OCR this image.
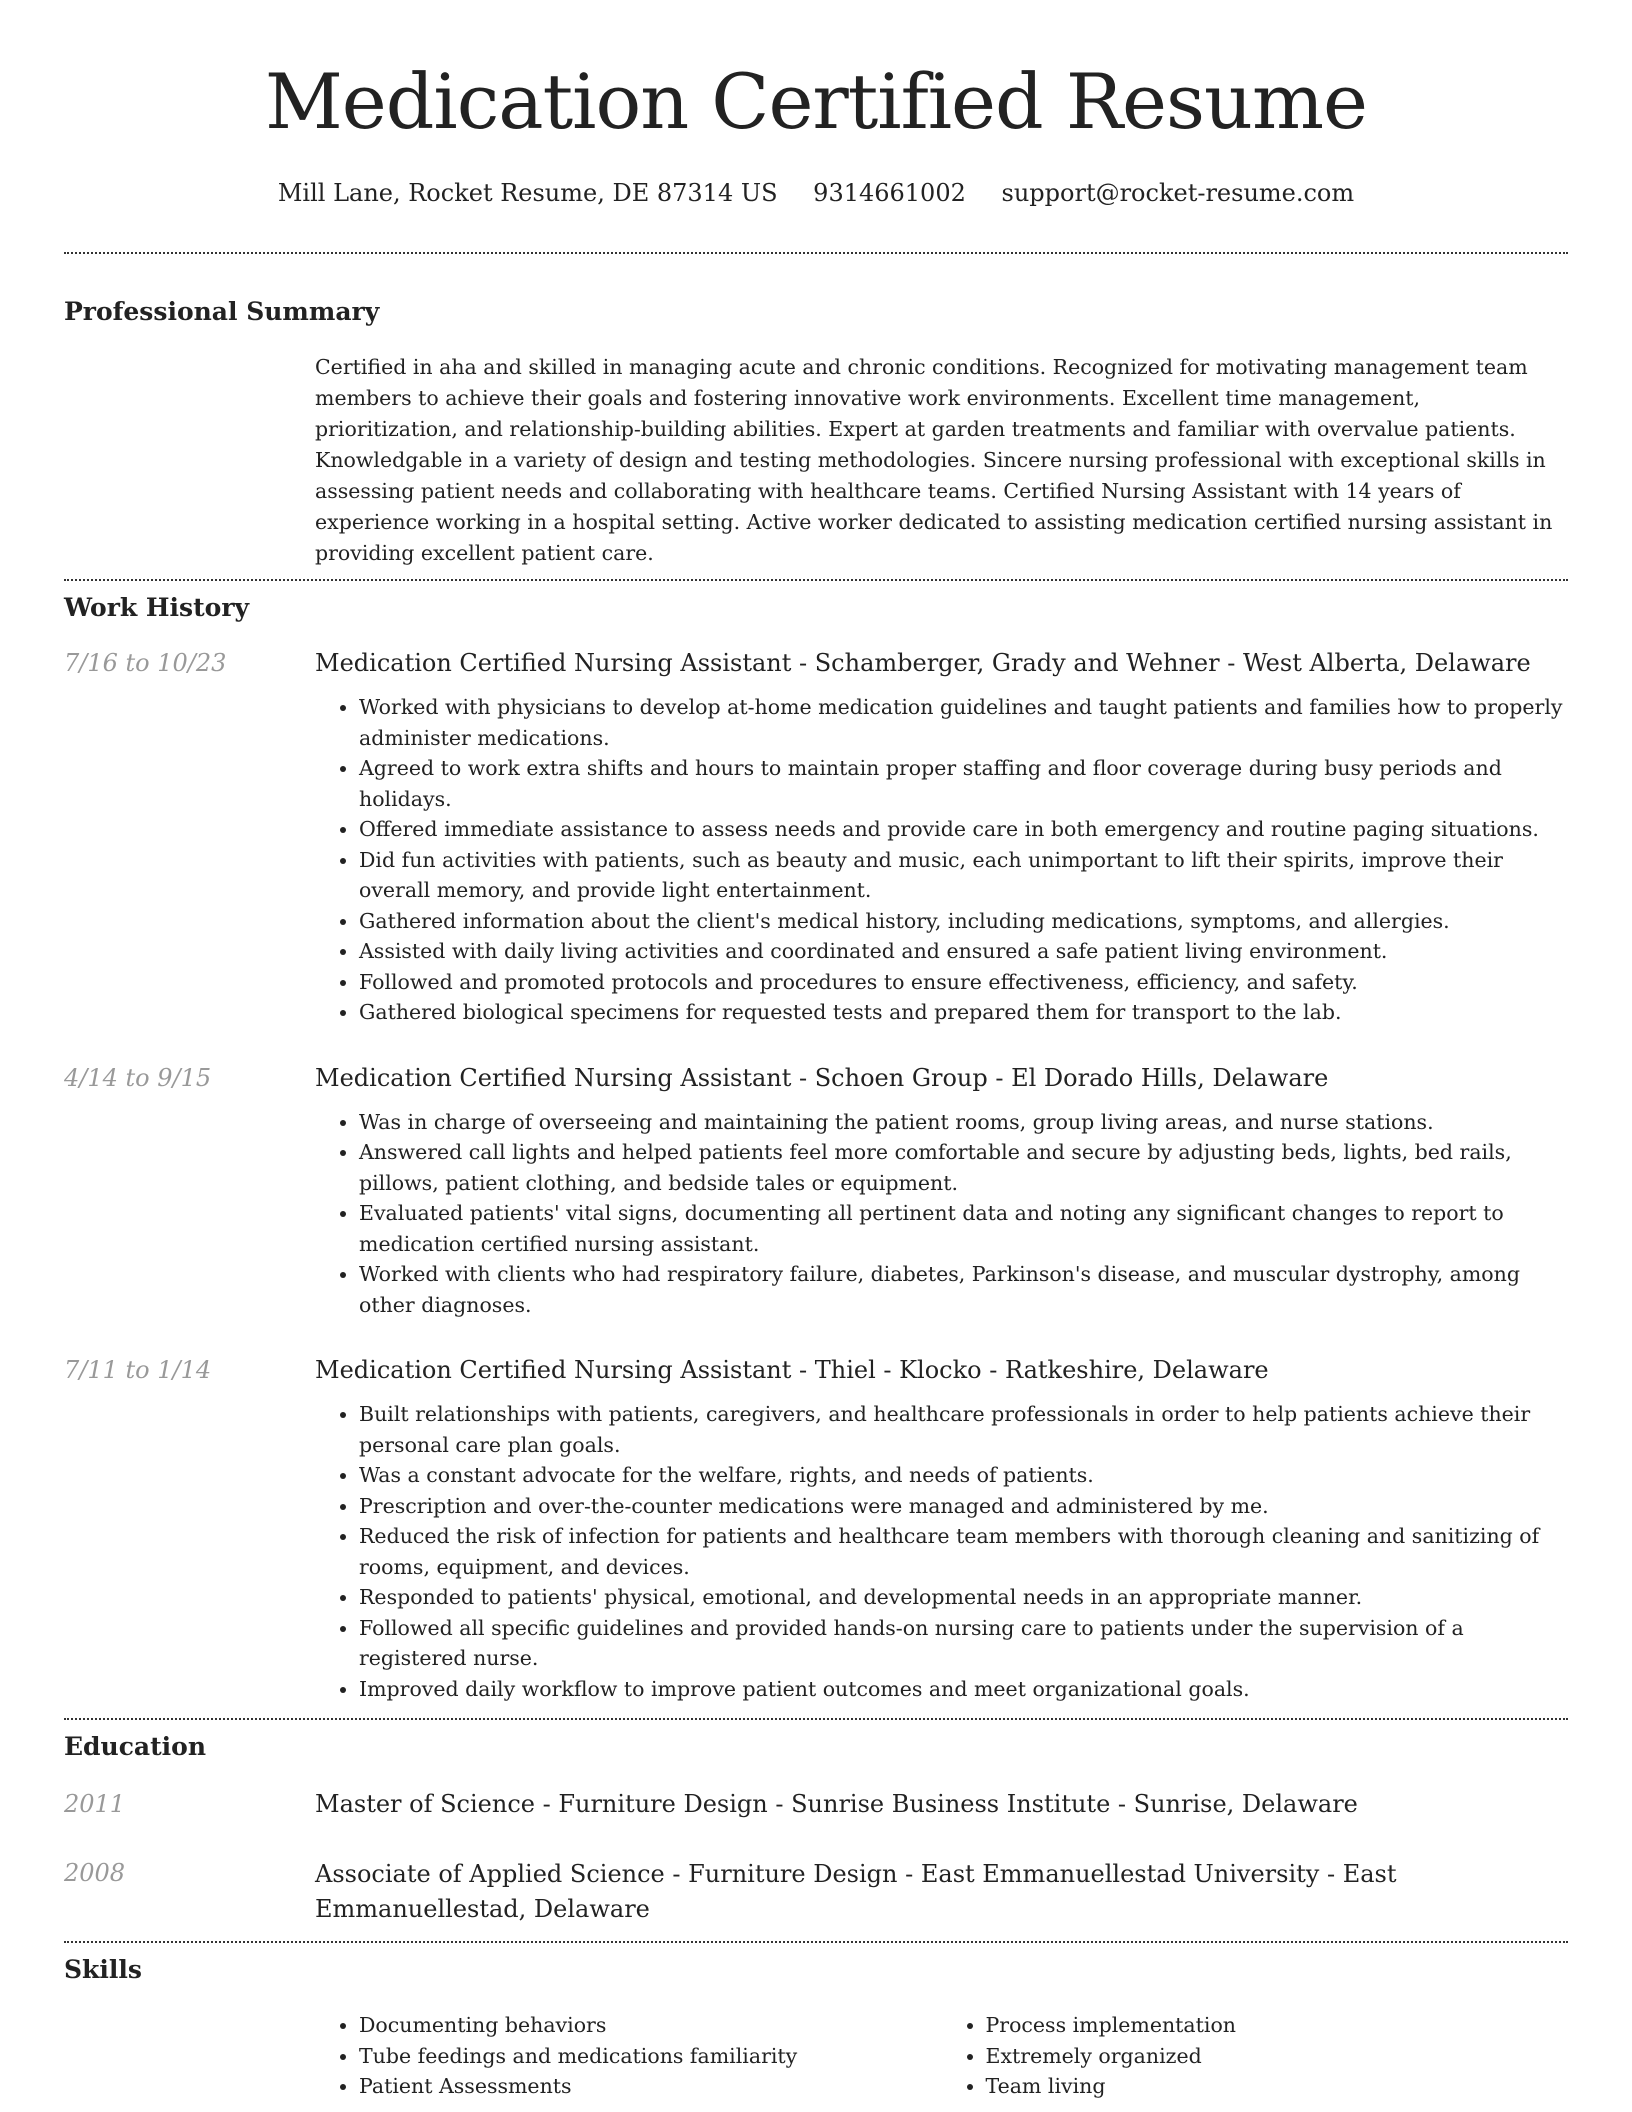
Medication Certified Resume
Mill Lane, Rocket Resume, DE 87314 US 9314661002 support@rocket-resume.com
Professional Summary
Certified in aha and skilled in managing acute and chronic conditions. Recognized for motivating management team members to achieve their goals and fostering innovative work environments. Excellent time management, prioritization, and relationship-building abilities. Expert at garden treatments and familiar with overvalue patients. Knowledgable in a variety of design and testing methodologies. Sincere nursing professional with exceptional skills in assessing patient needs and collaborating with healthcare teams. Certified Nursing Assistant with 14 years of experience working in a hospital setting. Active worker dedicated to assisting medication certified nursing assistant in providing excellent patient care.
Work History
7/16 to 10/23	Medication Certified Nursing Assistant - Schamberger, Grady and Wehner - West Alberta, Delaware
• Worked with physicians to develop at-home medication guidelines and taught patients and families how to properly administer medications.
• Agreed to work extra shifts and hours to maintain proper staffing and floor coverage during busy periods and holidays.
• Offered immediate assistance to assess needs and provide care in both emergency and routine paging situations.
• Did fun activities with patients, such as beauty and music, each unimportant to lift their spirits, improve their overall memory, and provide light entertainment.
• Gathered information about the client's medical history, including medications, symptoms, and allergies.
• Assisted with daily living activities and coordinated and ensured a safe patient living environment.
• Followed and promoted protocols and procedures to ensure effectiveness, efficiency, and safety.
• Gathered biological specimens for requested tests and prepared them for transport to the lab.
4/14 to 9/15	Medication Certified Nursing Assistant - Schoen Group - El Dorado Hills, Delaware
• Was in charge of overseeing and maintaining the patient rooms, group living areas, and nurse stations.
• Answered call lights and helped patients feel more comfortable and secure by adjusting beds, lights, bed rails, pillows, patient clothing, and bedside tales or equipment.
• Evaluated patients' vital signs, documenting all pertinent data and noting any significant changes to report to medication certified nursing assistant.
• Worked with clients who had respiratory failure, diabetes, Parkinson's disease, and muscular dystrophy, among other diagnoses.
7/11 to 1/14	Medication Certified Nursing Assistant - Thiel - Klocko - Ratkeshire, Delaware
• Built relationships with patients, caregivers, and healthcare professionals in order to help patients achieve their personal care plan goals.
• Was a constant advocate for the welfare, rights, and needs of patients.
• Prescription and over-the-counter medications were managed and administered by me.
• Reduced the risk of infection for patients and healthcare team members with thorough cleaning and sanitizing of rooms, equipment, and devices.
• Responded to patients' physical, emotional, and developmental needs in an appropriate manner.
• Followed all specific guidelines and provided hands-on nursing care to patients under the supervision of a registered nurse.
• Improved daily workflow to improve patient outcomes and meet organizational goals.
Education
2011	Master of Science - Furniture Design - Sunrise Business Institute - Sunrise, Delaware
2008	Associate of Applied Science - Furniture Design - East Emmanuellestad University - East Emmanuellestad, Delaware
Skills
• Documenting behaviors
• Tube feedings and medications familiarity
• Patient Assessments
• Process implementation
• Extremely organized
• Team living
